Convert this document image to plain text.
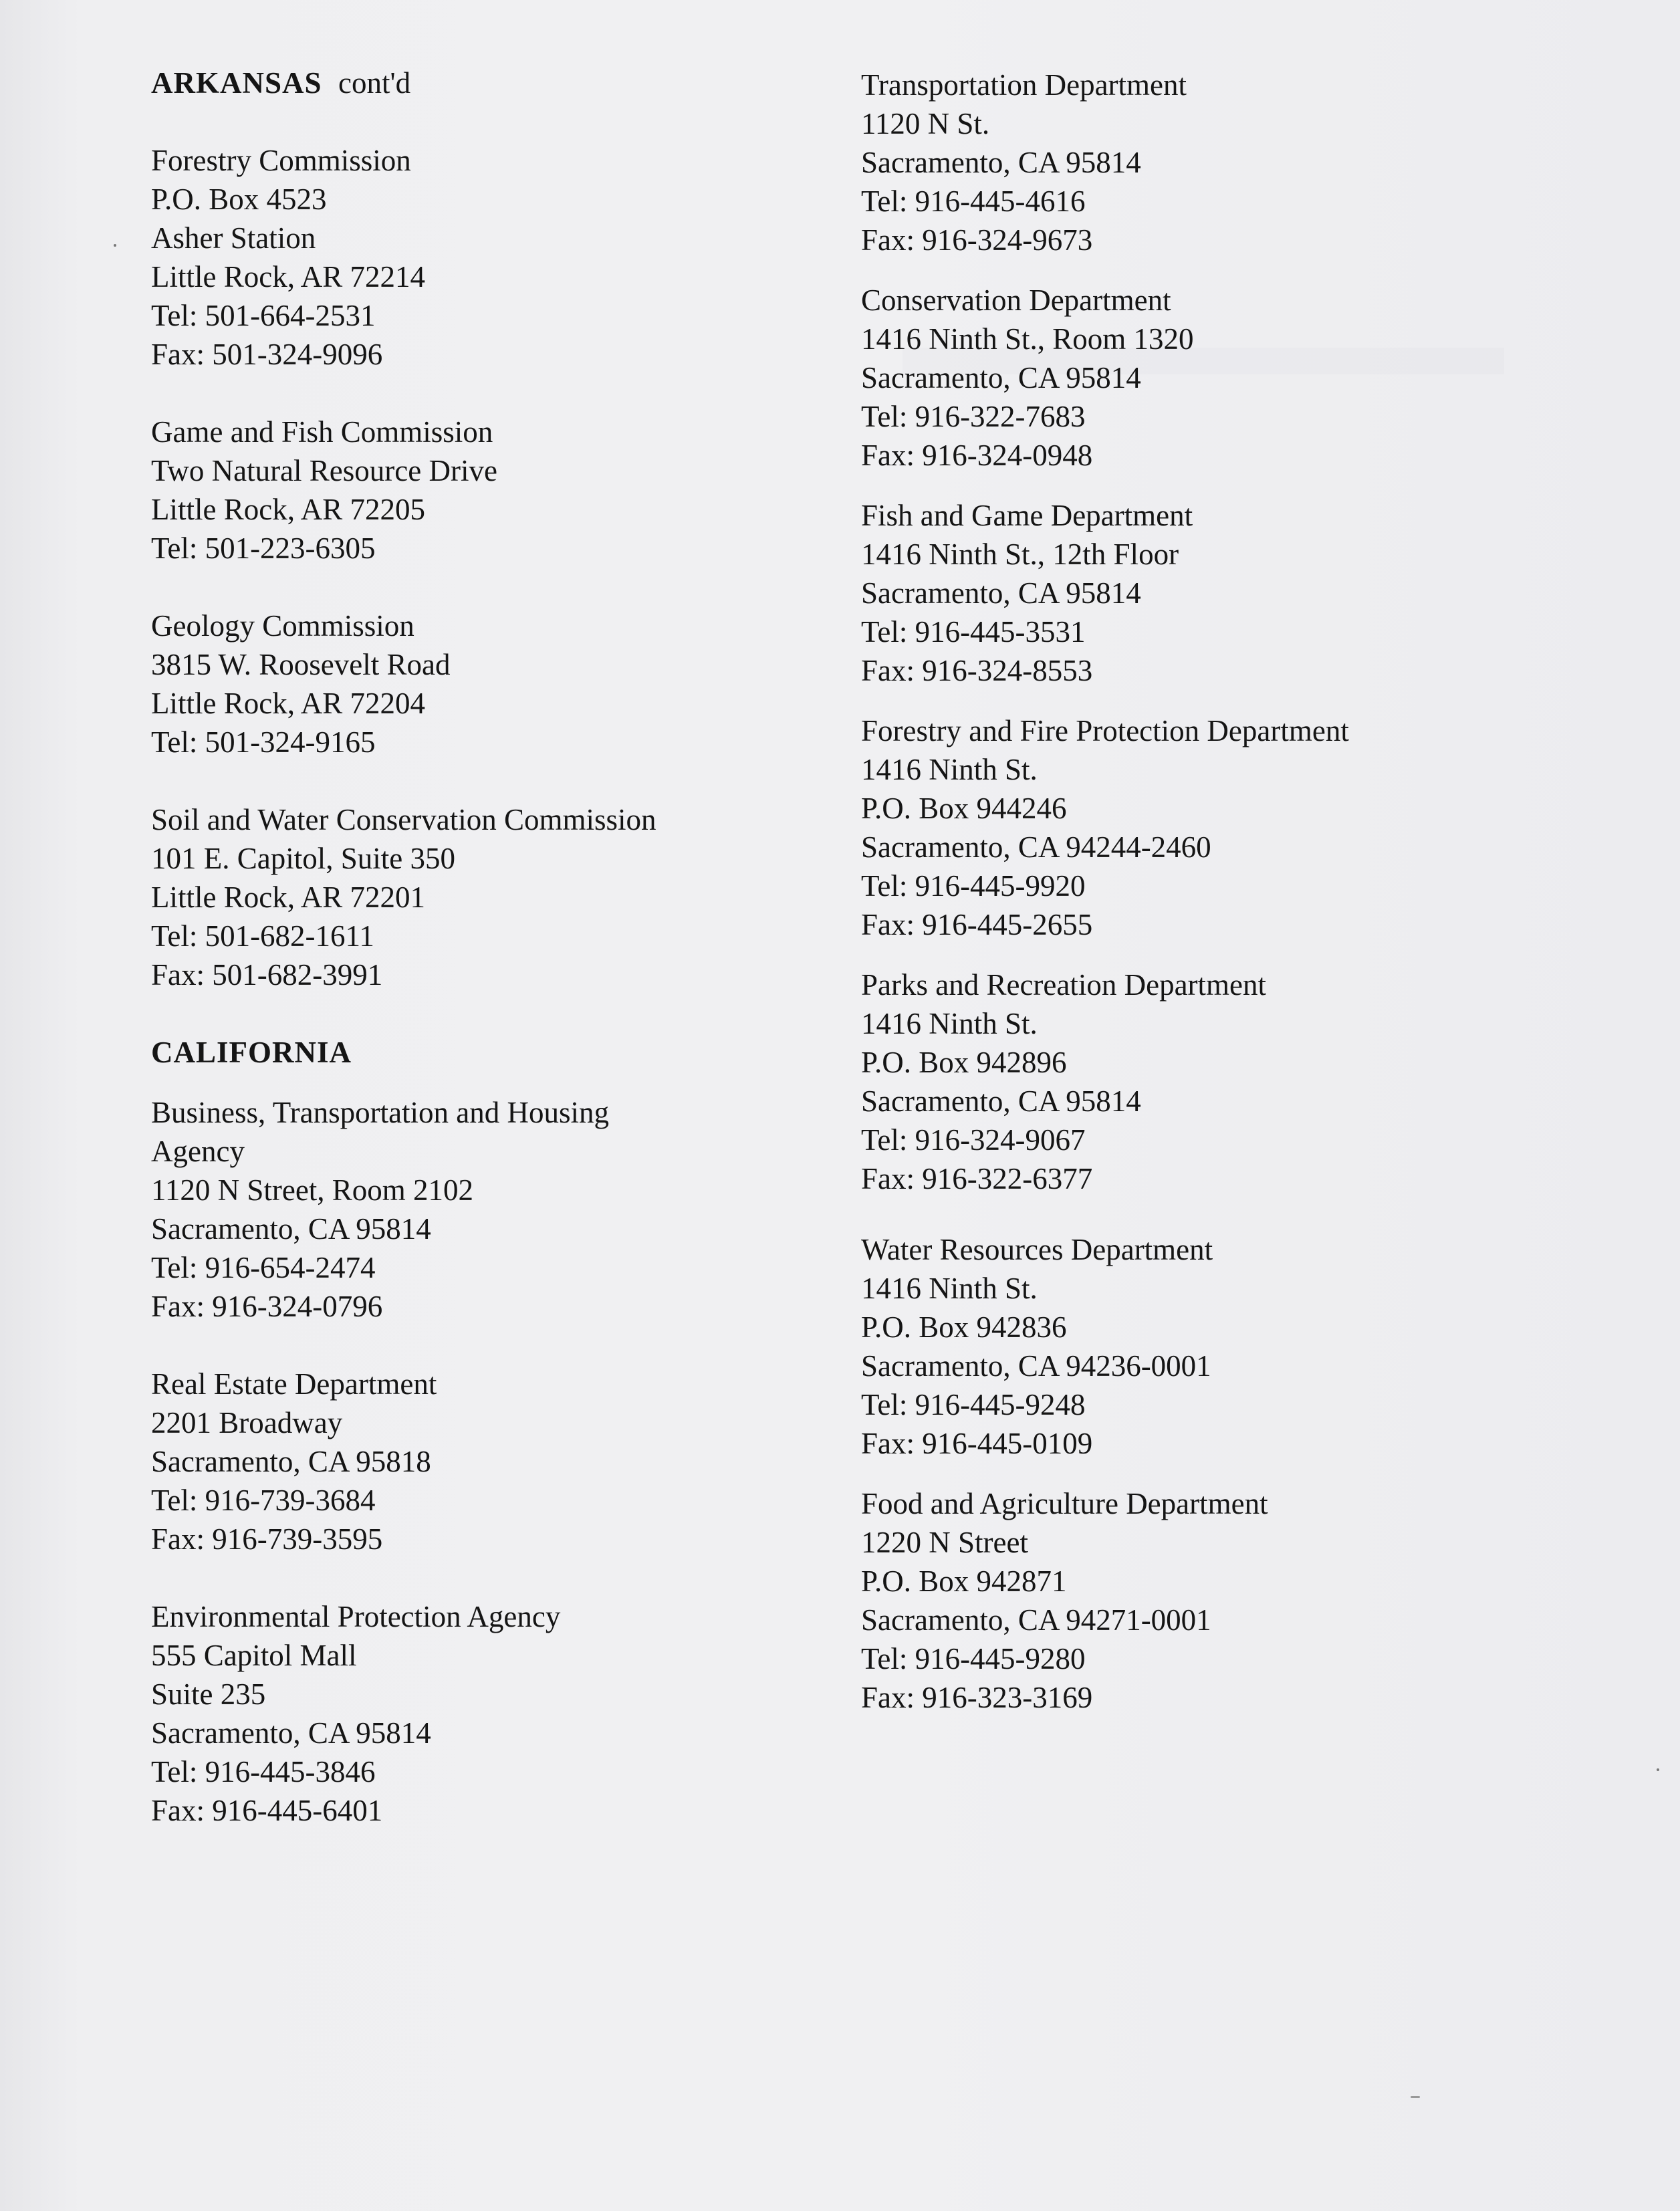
ARKANSAS cont'd
Forestry Commission
P.O. Box 4523
Asher Station
Little Rock, AR 72214
Tel: 501-664-2531
Fax: 501-324-9096
Game and Fish Commission
Two Natural Resource Drive
Little Rock, AR 72205
Tel: 501-223-6305
Geology Commission
3815 W. Roosevelt Road
Little Rock, AR 72204
Tel: 501-324-9165
Soil and Water Conservation Commission
101 E. Capitol, Suite 350
Little Rock, AR 72201
Tel: 501-682-1611
Fax: 501-682-3991
CALIFORNIA
Business, Transportation and Housing
Agency
1120 N Street, Room 2102
Sacramento, CA 95814
Tel: 916-654-2474
Fax: 916-324-0796
Real Estate Department
2201 Broadway
Sacramento, CA 95818
Tel: 916-739-3684
Fax: 916-739-3595
Environmental Protection Agency
555 Capitol Mall
Suite 235
Sacramento, CA 95814
Tel: 916-445-3846
Fax: 916-445-6401
Transportation Department
1120 N St.
Sacramento, CA 95814
Tel: 916-445-4616
Fax: 916-324-9673
Conservation Department
1416 Ninth St., Room 1320
Sacramento, CA 95814
Tel: 916-322-7683
Fax: 916-324-0948
Fish and Game Department
1416 Ninth St., 12th Floor
Sacramento, CA 95814
Tel: 916-445-3531
Fax: 916-324-8553
Forestry and Fire Protection Department
1416 Ninth St.
P.O. Box 944246
Sacramento, CA 94244-2460
Tel: 916-445-9920
Fax: 916-445-2655
Parks and Recreation Department
1416 Ninth St.
P.O. Box 942896
Sacramento, CA 95814
Tel: 916-324-9067
Fax: 916-322-6377
Water Resources Department
1416 Ninth St.
P.O. Box 942836
Sacramento, CA 94236-0001
Tel: 916-445-9248
Fax: 916-445-0109
Food and Agriculture Department
1220 N Street
P.O. Box 942871
Sacramento, CA 94271-0001
Tel: 916-445-9280
Fax: 916-323-3169
